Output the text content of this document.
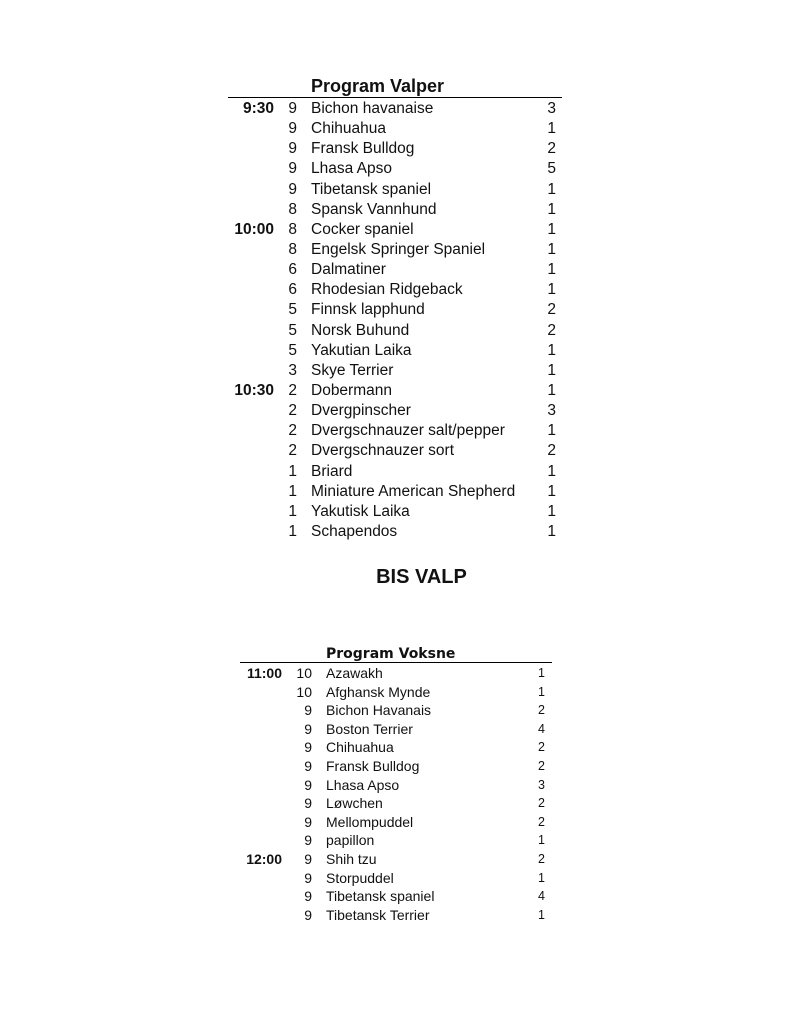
Program Valper
9:30 9 Bichon havanaise	3
9 Chihuahua	1
9 Fransk Bulldog	2
9 Lhasa Apso	5
9 Tibetansk spaniel	1
8 Spansk Vannhund	1
10:00 8 Cocker spaniel	1
8 Engelsk Springer Spaniel	1
6 Dalmatiner	1
6 Rhodesian Ridgeback	1
5 Finnsk lapphund	2
5 Norsk Buhund	2
5 Yakutian Laika	1
3 Skye Terrier	1
10:30 2 Dobermann	1
2 Dvergpinscher	3
2 Dvergschnauzer salt/pepper	1
2 Dvergschnauzer sort	2
1 Briard	1
1 Miniature American Shepherd	1
1 Yakutisk Laika	1
1 Schapendos	1
BIS VALP
Program Voksne
11:00	10 Azawakh	1
10 Afghansk Mynde	1
9 Bichon Havanais	2
9 Boston Terrier	4
9 Chihuahua	2
9 Fransk Bulldog	2
9 Lhasa Apso	3
9 Løwchen	2
9 Mellompuddel	2
9 papillon	1
12:00	9 Shih tzu	2
9 Storpuddel	1
9 Tibetansk spaniel	4
9 Tibetansk Terrier	1
